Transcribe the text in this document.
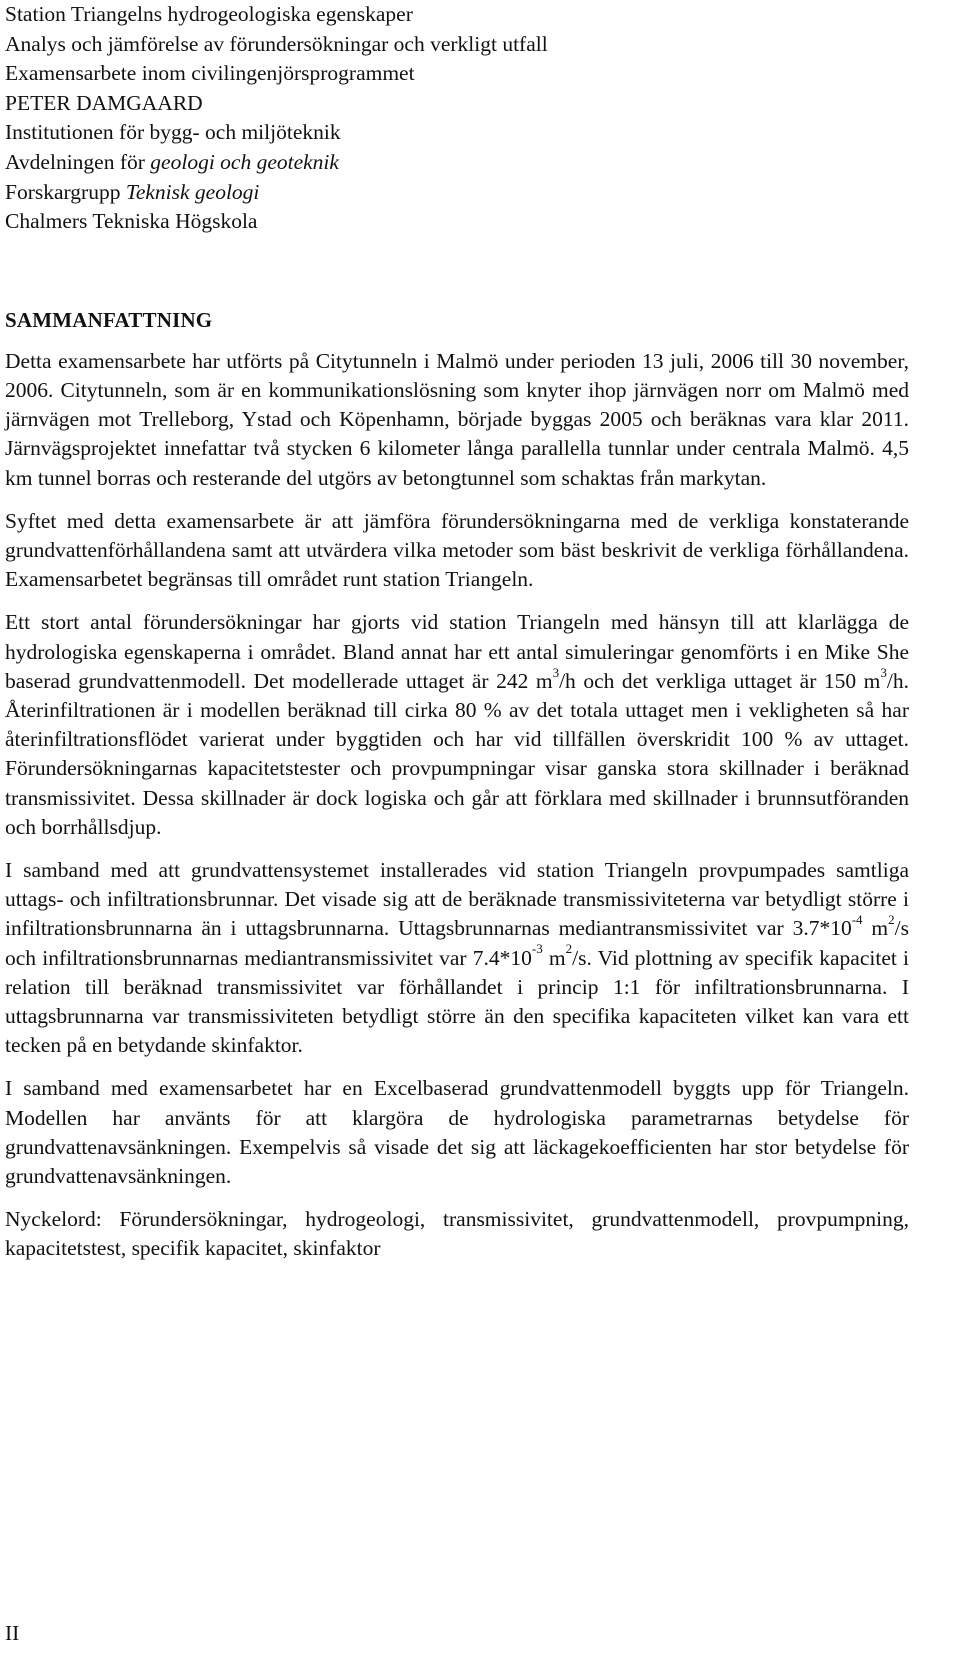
Station Triangelns hydrogeologiska egenskaper
Analys och jämförelse av förundersökningar och verkligt utfall
Examensarbete inom civilingenjörsprogrammet
PETER DAMGAARD
Institutionen för bygg- och miljöteknik
Avdelningen för geologi och geoteknik
Forskargrupp Teknisk geologi
Chalmers Tekniska Högskola
SAMMANFATTNING

Detta examensarbete har utförts på Citytunneln i Malmö under perioden 13 juli, 2006 till 30 november, 2006. Citytunneln, som är en kommunikationslösning som knyter ihop järnvägen norr om Malmö med järnvägen mot Trelleborg, Ystad och Köpenhamn, började byggas 2005 och beräknas vara klar 2011. Järnvägsprojektet innefattar två stycken 6 kilometer långa parallella tunnlar under centrala Malmö. 4,5 km tunnel borras och resterande del utgörs av betongtunnel som schaktas från markytan.

Syftet med detta examensarbete är att jämföra förundersökningarna med de verkliga konstaterande grundvattenförhållandena samt att utvärdera vilka metoder som bäst beskrivit de verkliga förhållandena. Examensarbetet begränsas till området runt station Triangeln.

Ett stort antal förundersökningar har gjorts vid station Triangeln med hänsyn till att klarlägga de hydrologiska egenskaperna i området. Bland annat har ett antal simuleringar genomförts i en Mike She baserad grundvattenmodell. Det modellerade uttaget är 242 $m^3/h$ och det verkliga uttaget är 150 $m^3/h$. Återinfiltrationen är i modellen beräknad till cirka 80 % av det totala uttaget men i vekligheten så har återinfiltrationsflödet varierat under byggtiden och har vid tillfällen överskridit 100 % av uttaget. Förundersökningarnas kapacitetstester och provpumpningar visar ganska stora skillnader i beräknad transmissivitet. Dessa skillnader är dock logiska och går att förklara med skillnader i brunnsutföranden och borrhållsdjup.

I samband med att grundvattensystemet installerades vid station Triangeln provpumpades samtliga uttags- och infiltrationsbrunnar. Det visade sig att de beräknade transmissiviteterna var betydligt större i infiltrationsbrunnarna än i uttagsbrunnarna. Uttagsbrunnarnas mediantransmissivitet var $3.7*10^{-4}$ $m^2/s$ och infiltrationsbrunnarnas mediantransmissivitet var $7.4*10^{-3}$ $m^2/s$. Vid plottning av specifik kapacitet i relation till beräknad transmissivitet var förhållandet i princip 1:1 för infiltrationsbrunnarna. I uttagsbrunnarna var transmissiviteten betydligt större än den specifika kapaciteten vilket kan vara ett tecken på en betydande skinfaktor.

I samband med examensarbetet har en Excelbaserad grundvattenmodell byggts upp för Triangeln. Modellen har använts för att klargöra de hydrologiska parametrarnas betydelse för grundvattenavsänkningen. Exempelvis så visade det sig att läckagekoefficienten har stor betydelse för grundvattenavsänkningen.

Nyckelord: Förundersökningar, hydrogeologi, transmissivitet, grundvattenmodell, provpumpning, kapacitetstest, specifik kapacitet, skinfaktor

II
